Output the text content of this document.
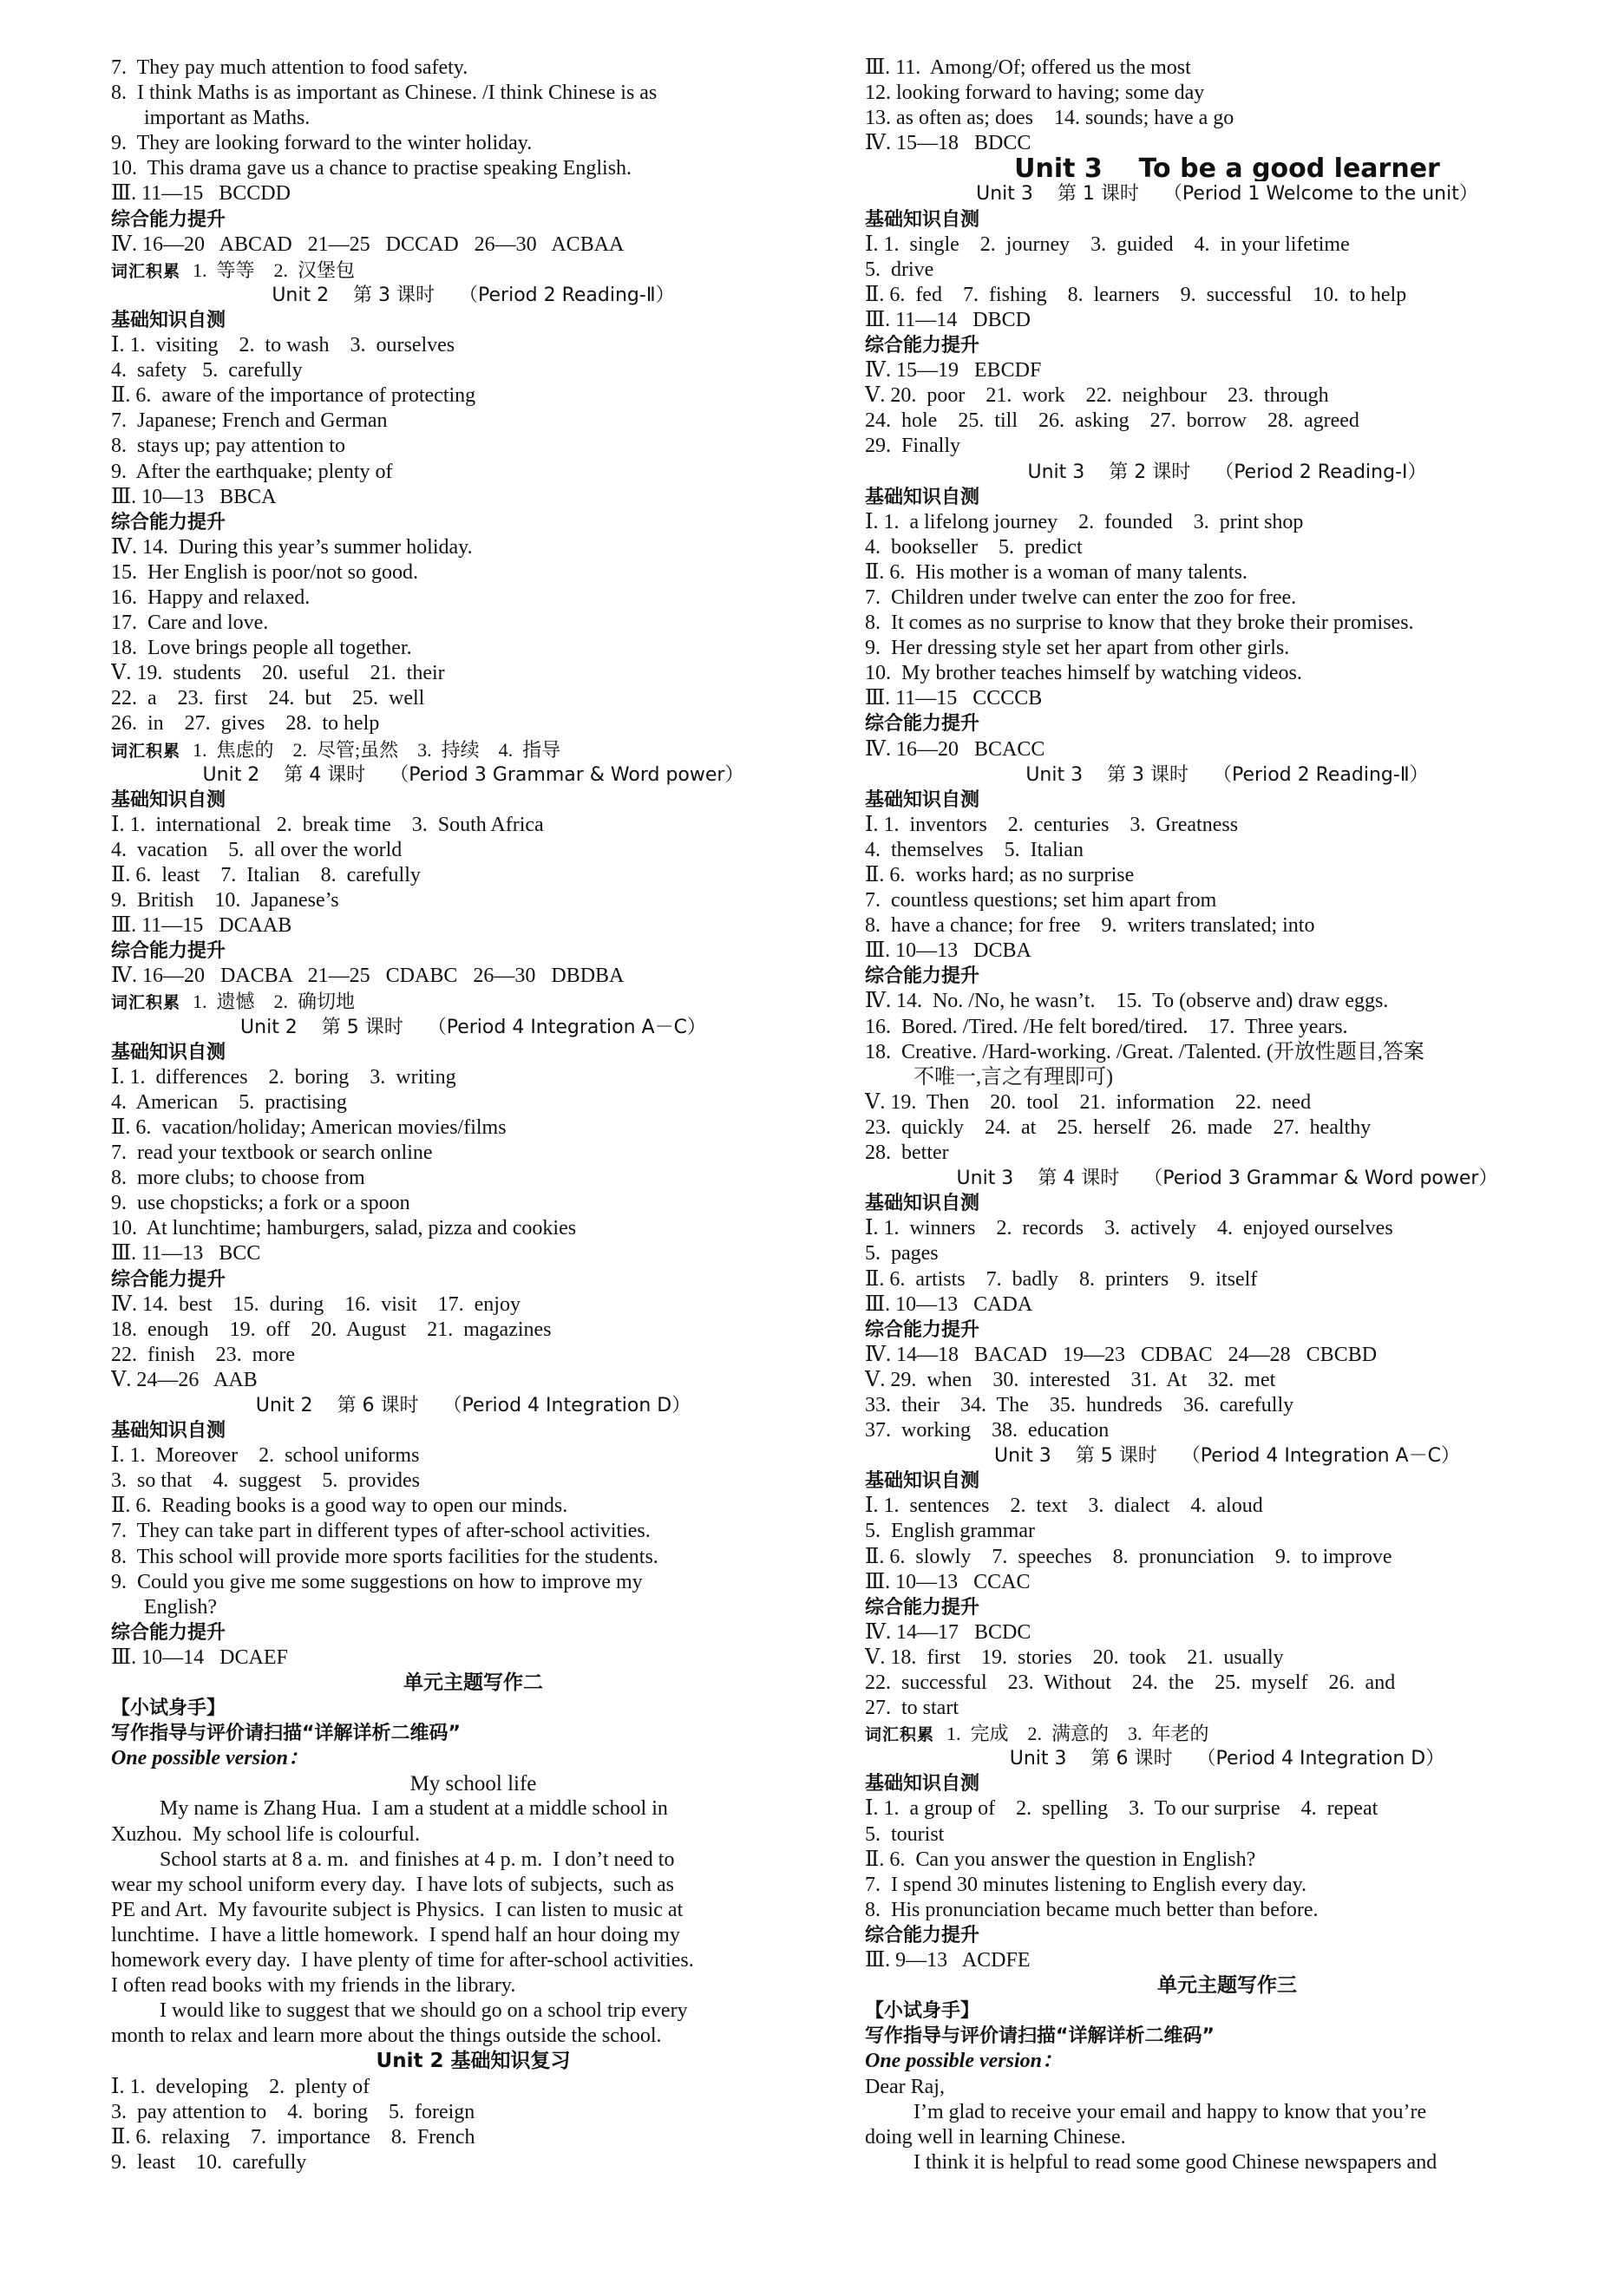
7.  They pay much attention to food safety.
8.  I think Maths is as important as Chinese. /I think Chinese is as
important as Maths.
9.  They are looking forward to the winter holiday.
10.  This drama gave us a chance to practise speaking English.
Ⅲ. 11—15   BCCDD
综合能力提升
Ⅳ. 16—20   ABCAD   21—25   DCCAD   26—30   ACBAA
词汇积累 1.  等等    2.  汉堡包
Unit 2    第 3 课时    （Period 2 Reading-Ⅱ）
基础知识自测
Ⅰ. 1.  visiting    2.  to wash    3.  ourselves
4.  safety   5.  carefully
Ⅱ. 6.  aware of the importance of protecting
7.  Japanese; French and German
8.  stays up; pay attention to
9.  After the earthquake; plenty of
Ⅲ. 10—13   BBCA
综合能力提升
Ⅳ. 14.  During this year’s summer holiday.
15.  Her English is poor/not so good.
16.  Happy and relaxed.
17.  Care and love.
18.  Love brings people all together.
Ⅴ. 19.  students    20.  useful    21.  their
22.  a    23.  first    24.  but    25.  well
26.  in    27.  gives    28.  to help
词汇积累 1.  焦虑的    2.  尽管;虽然    3.  持续    4.  指导
Unit 2    第 4 课时    （Period 3 Grammar & Word power）
基础知识自测
Ⅰ. 1.  international   2.  break time    3.  South Africa
4.  vacation    5.  all over the world
Ⅱ. 6.  least    7.  Italian    8.  carefully
9.  British    10.  Japanese’s
Ⅲ. 11—15   DCAAB
综合能力提升
Ⅳ. 16—20   DACBA   21—25   CDABC   26—30   DBDBA
词汇积累 1.  遗憾    2.  确切地
Unit 2    第 5 课时    （Period 4 Integration A－C）
基础知识自测
Ⅰ. 1.  differences    2.  boring    3.  writing
4.  American    5.  practising
Ⅱ. 6.  vacation/holiday; American movies/films
7.  read your textbook or search online
8.  more clubs; to choose from
9.  use chopsticks; a fork or a spoon
10.  At lunchtime; hamburgers, salad, pizza and cookies
Ⅲ. 11—13   BCC
综合能力提升
Ⅳ. 14.  best    15.  during    16.  visit    17.  enjoy
18.  enough    19.  off    20.  August    21.  magazines
22.  finish    23.  more
Ⅴ. 24—26   AAB
Unit 2    第 6 课时    （Period 4 Integration D）
基础知识自测
Ⅰ. 1.  Moreover    2.  school uniforms
3.  so that    4.  suggest    5.  provides
Ⅱ. 6.  Reading books is a good way to open our minds.
7.  They can take part in different types of after-school activities.
8.  This school will provide more sports facilities for the students.
9.  Could you give me some suggestions on how to improve my
English?
综合能力提升
Ⅲ. 10—14   DCAEF
单元主题写作二
【小试身手】
写作指导与评价请扫描“详解详析二维码”
One possible version：
My school life
My name is Zhang Hua.  I am a student at a middle school in
Xuzhou.  My school life is colourful.
School starts at 8 a. m.  and finishes at 4 p. m.  I don’t need to
wear my school uniform every day.  I have lots of subjects,  such as
PE and Art.  My favourite subject is Physics.  I can listen to music at
lunchtime.  I have a little homework.  I spend half an hour doing my
homework every day.  I have plenty of time for after-school activities.
I often read books with my friends in the library.
I would like to suggest that we should go on a school trip every
month to relax and learn more about the things outside the school.
Unit 2 基础知识复习
Ⅰ. 1.  developing    2.  plenty of
3.  pay attention to    4.  boring    5.  foreign
Ⅱ. 6.  relaxing    7.  importance    8.  French
9.  least    10.  carefully
Ⅲ. 11.  Among/Of; offered us the most
12. looking forward to having; some day
13. as often as; does    14. sounds; have a go
Ⅳ. 15—18   BDCC
Unit 3    To be a good learner
Unit 3    第 1 课时    （Period 1 Welcome to the unit）
基础知识自测
Ⅰ. 1.  single    2.  journey    3.  guided    4.  in your lifetime
5.  drive
Ⅱ. 6.  fed    7.  fishing    8.  learners    9.  successful    10.  to help
Ⅲ. 11—14   DBCD
综合能力提升
Ⅳ. 15—19   EBCDF
Ⅴ. 20.  poor    21.  work    22.  neighbour    23.  through
24.  hole    25.  till    26.  asking    27.  borrow    28.  agreed
29.  Finally
Unit 3    第 2 课时    （Period 2 Reading-Ⅰ）
基础知识自测
Ⅰ. 1.  a lifelong journey    2.  founded    3.  print shop
4.  bookseller    5.  predict
Ⅱ. 6.  His mother is a woman of many talents.
7.  Children under twelve can enter the zoo for free.
8.  It comes as no surprise to know that they broke their promises.
9.  Her dressing style set her apart from other girls.
10.  My brother teaches himself by watching videos.
Ⅲ. 11—15   CCCCB
综合能力提升
Ⅳ. 16—20   BCACC
Unit 3    第 3 课时    （Period 2 Reading-Ⅱ）
基础知识自测
Ⅰ. 1.  inventors    2.  centuries    3.  Greatness
4.  themselves    5.  Italian
Ⅱ. 6.  works hard; as no surprise
7.  countless questions; set him apart from
8.  have a chance; for free    9.  writers translated; into
Ⅲ. 10—13   DCBA
综合能力提升
Ⅳ. 14.  No. /No, he wasn’t.    15.  To (observe and) draw eggs.
16.  Bored. /Tired. /He felt bored/tired.    17.  Three years.
18.  Creative. /Hard-working. /Great. /Talented. (开放性题目,答案
不唯一,言之有理即可)
Ⅴ. 19.  Then    20.  tool    21.  information    22.  need
23.  quickly    24.  at    25.  herself    26.  made    27.  healthy
28.  better
Unit 3    第 4 课时    （Period 3 Grammar & Word power）
基础知识自测
Ⅰ. 1.  winners    2.  records    3.  actively    4.  enjoyed ourselves
5.  pages
Ⅱ. 6.  artists    7.  badly    8.  printers    9.  itself
Ⅲ. 10—13   CADA
综合能力提升
Ⅳ. 14—18   BACAD   19—23   CDBAC   24—28   CBCBD
Ⅴ. 29.  when    30.  interested    31.  At    32.  met
33.  their    34.  The    35.  hundreds    36.  carefully
37.  working    38.  education
Unit 3    第 5 课时    （Period 4 Integration A－C）
基础知识自测
Ⅰ. 1.  sentences    2.  text    3.  dialect    4.  aloud
5.  English grammar
Ⅱ. 6.  slowly    7.  speeches    8.  pronunciation    9.  to improve
Ⅲ. 10—13   CCAC
综合能力提升
Ⅳ. 14—17   BCDC
Ⅴ. 18.  first    19.  stories    20.  took    21.  usually
22.  successful    23.  Without    24.  the    25.  myself    26.  and
27.  to start
词汇积累 1.  完成    2.  满意的    3.  年老的
Unit 3    第 6 课时    （Period 4 Integration D）
基础知识自测
Ⅰ. 1.  a group of    2.  spelling    3.  To our surprise    4.  repeat
5.  tourist
Ⅱ. 6.  Can you answer the question in English?
7.  I spend 30 minutes listening to English every day.
8.  His pronunciation became much better than before.
综合能力提升
Ⅲ. 9—13   ACDFE
单元主题写作三
【小试身手】
写作指导与评价请扫描“详解详析二维码”
One possible version：
Dear Raj,
I’m glad to receive your email and happy to know that you’re
doing well in learning Chinese.
I think it is helpful to read some good Chinese newspapers and
